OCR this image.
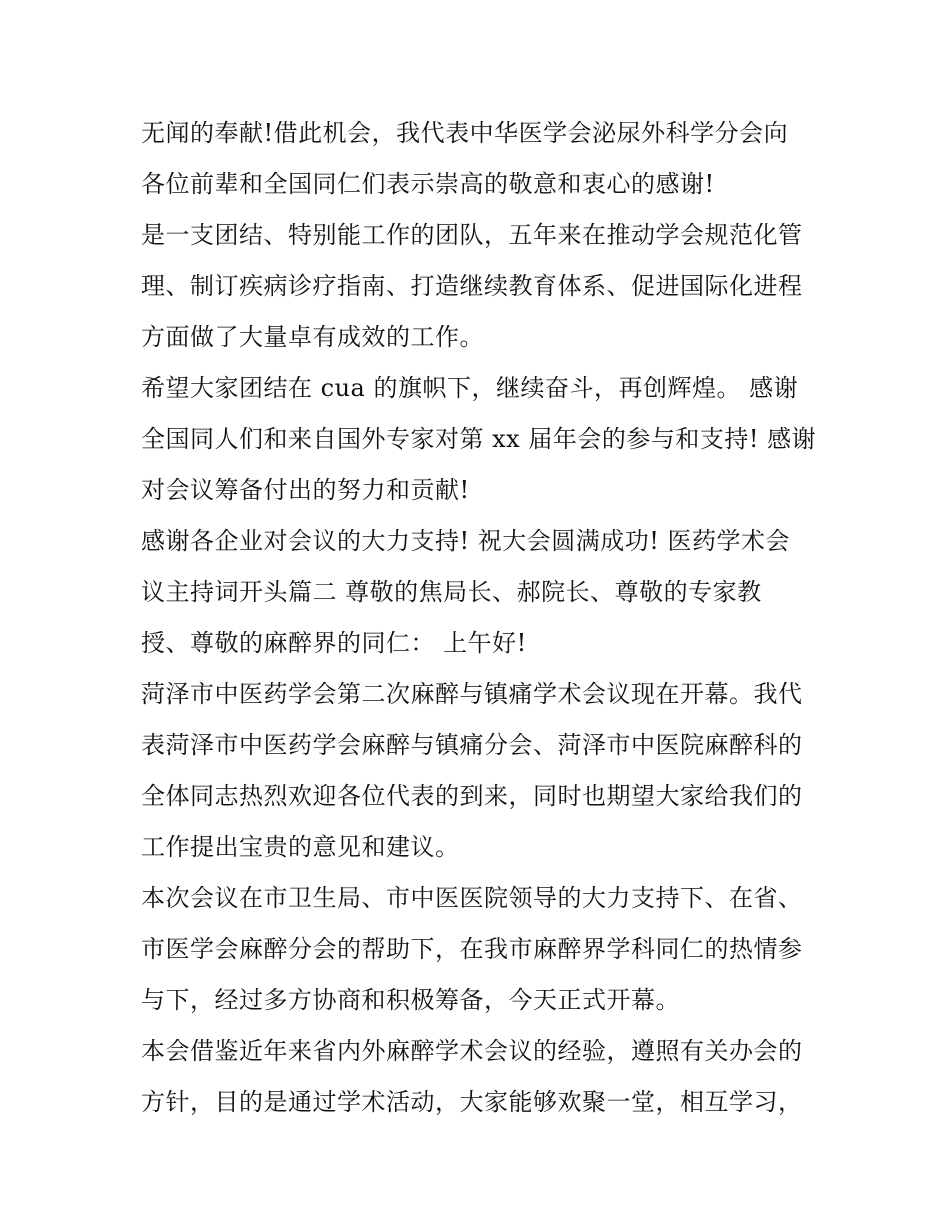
无闻的奉献!借此机会，我代表中华医学会泌尿外科学分会向
各位前辈和全国同仁们表示崇高的敬意和衷心的感谢!
是一支团结、特别能工作的团队，五年来在推动学会规范化管
理、制订疾病诊疗指南、打造继续教育体系、促进国际化进程
方面做了大量卓有成效的工作。
希望大家团结在 cua 的旗帜下，继续奋斗，再创辉煌。 感谢
全国同人们和来自国外专家对第 xx 届年会的参与和支持! 感谢
对会议筹备付出的努力和贡献!
感谢各企业对会议的大力支持! 祝大会圆满成功! 医药学术会
议主持词开头篇二 尊敬的焦局长、郝院长、尊敬的专家教
授、尊敬的麻醉界的同仁： 上午好!
菏泽市中医药学会第二次麻醉与镇痛学术会议现在开幕。我代
表菏泽市中医药学会麻醉与镇痛分会、菏泽市中医院麻醉科的
全体同志热烈欢迎各位代表的到来，同时也期望大家给我们的
工作提出宝贵的意见和建议。
本次会议在市卫生局、市中医医院领导的大力支持下、在省、
市医学会麻醉分会的帮助下，在我市麻醉界学科同仁的热情参
与下，经过多方协商和积极筹备，今天正式开幕。
本会借鉴近年来省内外麻醉学术会议的经验，遵照有关办会的
方针，目的是通过学术活动，大家能够欢聚一堂，相互学习，
